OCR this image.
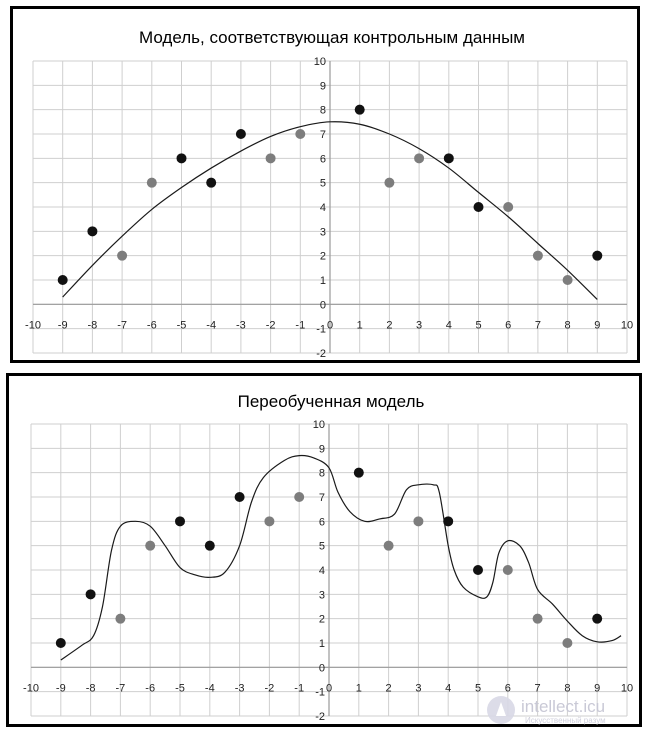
Модель, соответствующая контрольным данным
-10 -9 -8 -7 -6 -5 -4 -3 -2 -1 0 1 2 3 4 5 6 7 8 9 10
-2
-1
0
1
2
3
4
5
6
7
8
9
10
Переобученная модель
-10 -9 -8 -7 -6 -5 -4 -3 -2 -1 0 1 2 3 4 5 6 7 8 9 10
-2
-1
0
1
2
3
4
5
6
7
8
9
10
intellect.icu
Искусственный разум
